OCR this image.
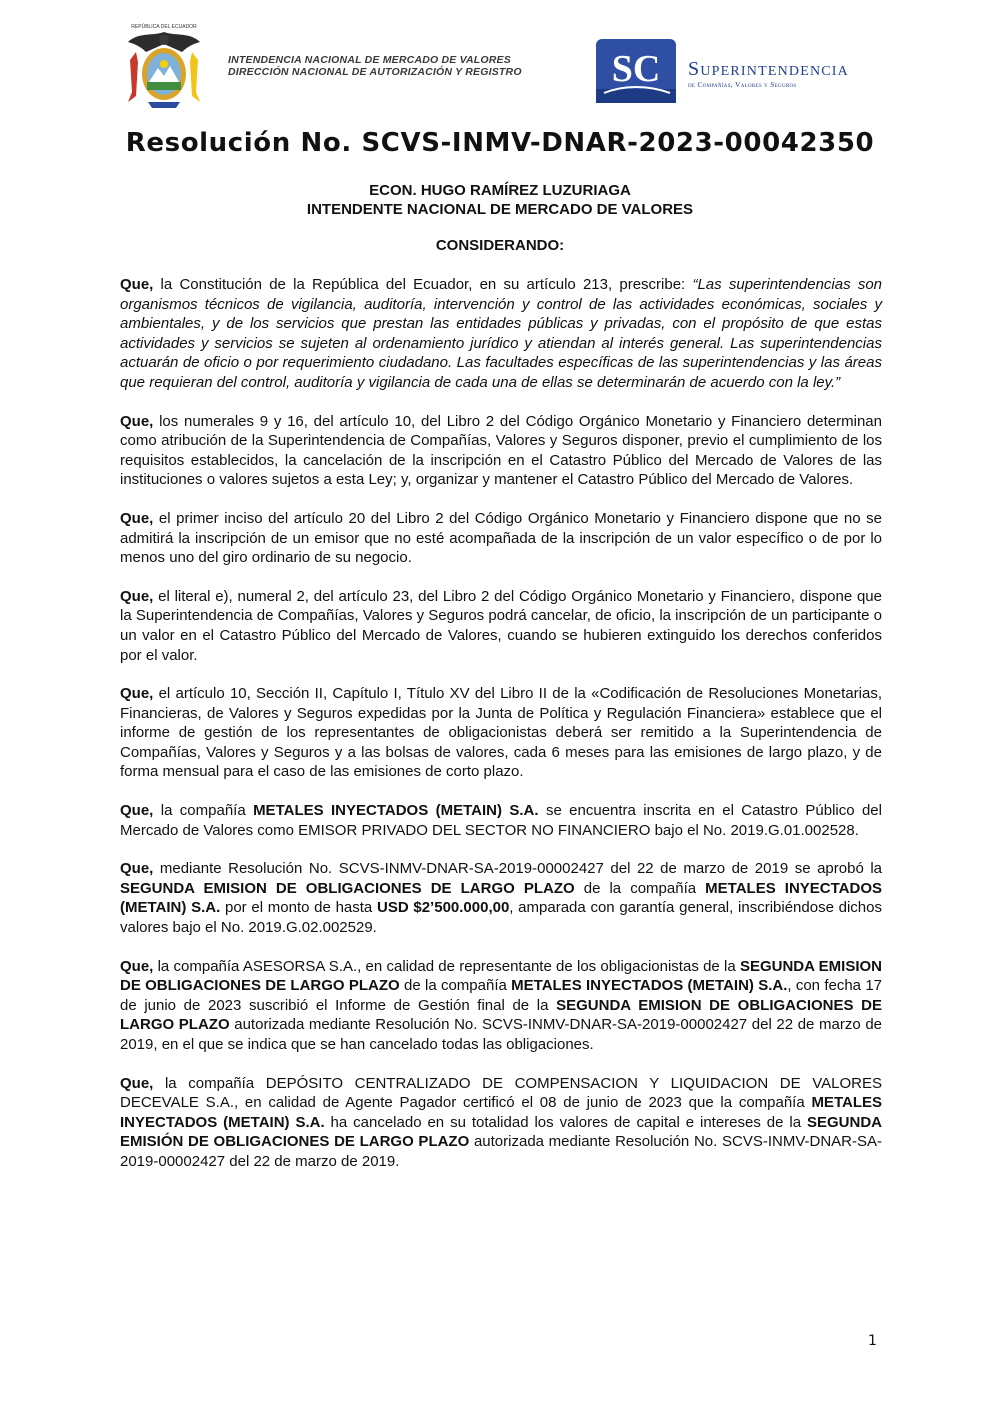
REPÚBLICA DEL ECUADOR
INTENDENCIA NACIONAL DE MERCADO DE VALORES
DIRECCIÓN NACIONAL DE AUTORIZACIÓN Y REGISTRO	SC Superintendencia
de Compañías, Valores y Seguros
Resolución No. SCVS-INMV-DNAR-2023-00042350
ECON. HUGO RAMÍREZ LUZURIAGA
INTENDENTE NACIONAL DE MERCADO DE VALORES
CONSIDERANDO:

Que, la Constitución de la República del Ecuador, en su artículo 213, prescribe: “Las superintendencias son organismos técnicos de vigilancia, auditoría, intervención y control de las actividades económicas, sociales y ambientales, y de los servicios que prestan las entidades públicas y privadas, con el propósito de que estas actividades y servicios se sujeten al ordenamiento jurídico y atiendan al interés general. Las superintendencias actuarán de oficio o por requerimiento ciudadano. Las facultades específicas de las superintendencias y las áreas que requieran del control, auditoría y vigilancia de cada una de ellas se determinarán de acuerdo con la ley.”

Que, los numerales 9 y 16, del artículo 10, del Libro 2 del Código Orgánico Monetario y Financiero determinan como atribución de la Superintendencia de Compañías, Valores y Seguros disponer, previo el cumplimiento de los requisitos establecidos, la cancelación de la inscripción en el Catastro Público del Mercado de Valores de las instituciones o valores sujetos a esta Ley; y, organizar y mantener el Catastro Público del Mercado de Valores.

Que, el primer inciso del artículo 20 del Libro 2 del Código Orgánico Monetario y Financiero dispone que no se admitirá la inscripción de un emisor que no esté acompañada de la inscripción de un valor específico o de por lo menos uno del giro ordinario de su negocio.

Que, el literal e), numeral 2, del artículo 23, del Libro 2 del Código Orgánico Monetario y Financiero, dispone que la Superintendencia de Compañías, Valores y Seguros podrá cancelar, de oficio, la inscripción de un participante o un valor en el Catastro Público del Mercado de Valores, cuando se hubieren extinguido los derechos conferidos por el valor.

Que, el artículo 10, Sección II, Capítulo I, Título XV del Libro II de la «Codificación de Resoluciones Monetarias, Financieras, de Valores y Seguros expedidas por la Junta de Política y Regulación Financiera» establece que el informe de gestión de los representantes de obligacionistas deberá ser remitido a la Superintendencia de Compañías, Valores y Seguros y a las bolsas de valores, cada 6 meses para las emisiones de largo plazo, y de forma mensual para el caso de las emisiones de corto plazo.

Que, la compañía METALES INYECTADOS (METAIN) S.A. se encuentra inscrita en el Catastro Público del Mercado de Valores como EMISOR PRIVADO DEL SECTOR NO FINANCIERO bajo el No. 2019.G.01.002528.

Que, mediante Resolución No. SCVS-INMV-DNAR-SA-2019-00002427 del 22 de marzo de 2019 se aprobó la SEGUNDA EMISION DE OBLIGACIONES DE LARGO PLAZO de la compañía METALES INYECTADOS (METAIN) S.A. por el monto de hasta USD $2’500.000,00, amparada con garantía general, inscribiéndose dichos valores bajo el No. 2019.G.02.002529.

Que, la compañía ASESORSA S.A., en calidad de representante de los obligacionistas de la SEGUNDA EMISION DE OBLIGACIONES DE LARGO PLAZO de la compañía METALES INYECTADOS (METAIN) S.A., con fecha 17 de junio de 2023 suscribió el Informe de Gestión final de la SEGUNDA EMISION DE OBLIGACIONES DE LARGO PLAZO autorizada mediante Resolución No. SCVS-INMV-DNAR-SA-2019-00002427 del 22 de marzo de 2019, en el que se indica que se han cancelado todas las obligaciones.

Que, la compañía DEPÓSITO CENTRALIZADO DE COMPENSACION Y LIQUIDACION DE VALORES DECEVALE S.A., en calidad de Agente Pagador certificó el 08 de junio de 2023 que la compañía METALES INYECTADOS (METAIN) S.A. ha cancelado en su totalidad los valores de capital e intereses de la SEGUNDA EMISIÓN DE OBLIGACIONES DE LARGO PLAZO autorizada mediante Resolución No. SCVS-INMV-DNAR-SA-2019-00002427 del 22 de marzo de 2019.

1
